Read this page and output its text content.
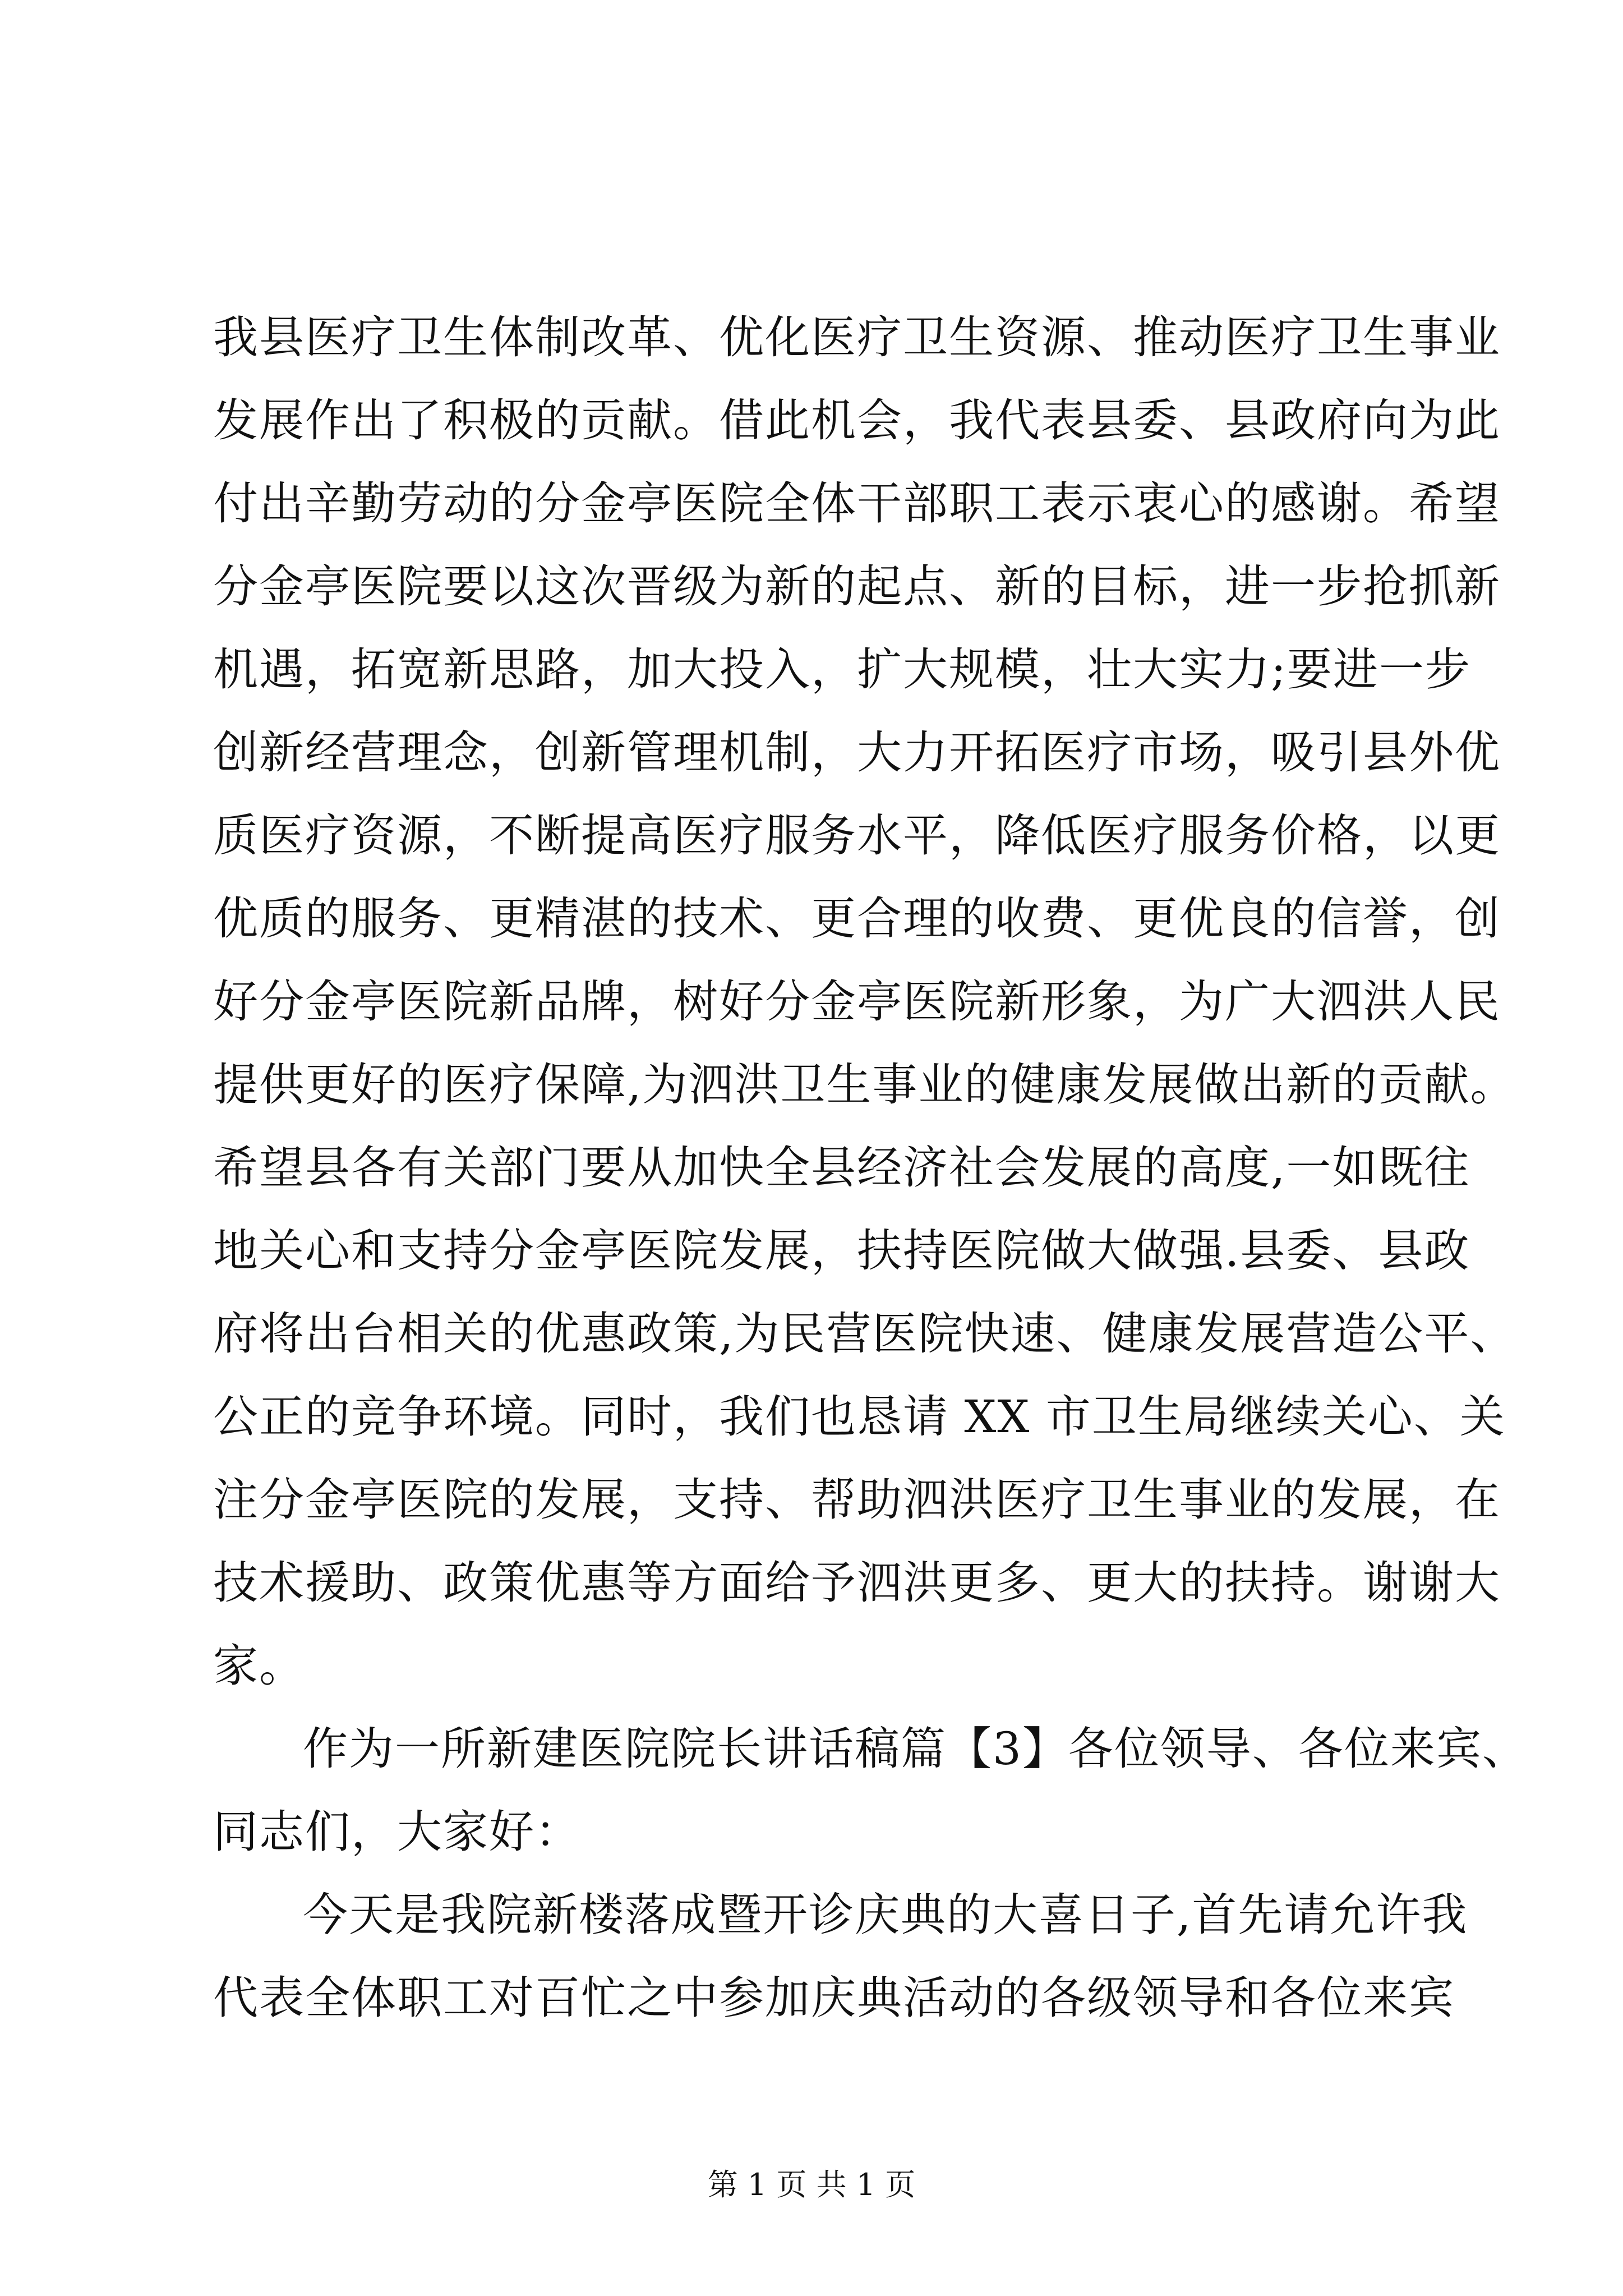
我县医疗卫生体制改革、优化医疗卫生资源、推动医疗卫生事业
发展作出了积极的贡献。借此机会，我代表县委、县政府向为此
付出辛勤劳动的分金亭医院全体干部职工表示衷心的感谢。希望
分金亭医院要以这次晋级为新的起点、新的目标，进一步抢抓新
机遇，拓宽新思路，加大投入，扩大规模，壮大实力;要进一步
创新经营理念，创新管理机制，大力开拓医疗市场，吸引县外优
质医疗资源，不断提高医疗服务水平，降低医疗服务价格，以更
优质的服务、更精湛的技术、更合理的收费、更优良的信誉，创
好分金亭医院新品牌，树好分金亭医院新形象，为广大泗洪人民
提供更好的医疗保障,为泗洪卫生事业的健康发展做出新的贡献。
希望县各有关部门要从加快全县经济社会发展的高度,一如既往
地关心和支持分金亭医院发展，扶持医院做大做强.县委、县政
府将出台相关的优惠政策,为民营医院快速、健康发展营造公平、
公正的竞争环境。同时，我们也恳请 XX 市卫生局继续关心、关
注分金亭医院的发展，支持、帮助泗洪医疗卫生事业的发展，在
技术援助、政策优惠等方面给予泗洪更多、更大的扶持。谢谢大
家。
作为一所新建医院院长讲话稿篇【3】各位领导、各位来宾、
同志们，大家好：
今天是我院新楼落成暨开诊庆典的大喜日子,首先请允许我
代表全体职工对百忙之中参加庆典活动的各级领导和各位来宾
第 1 页 共 1 页
